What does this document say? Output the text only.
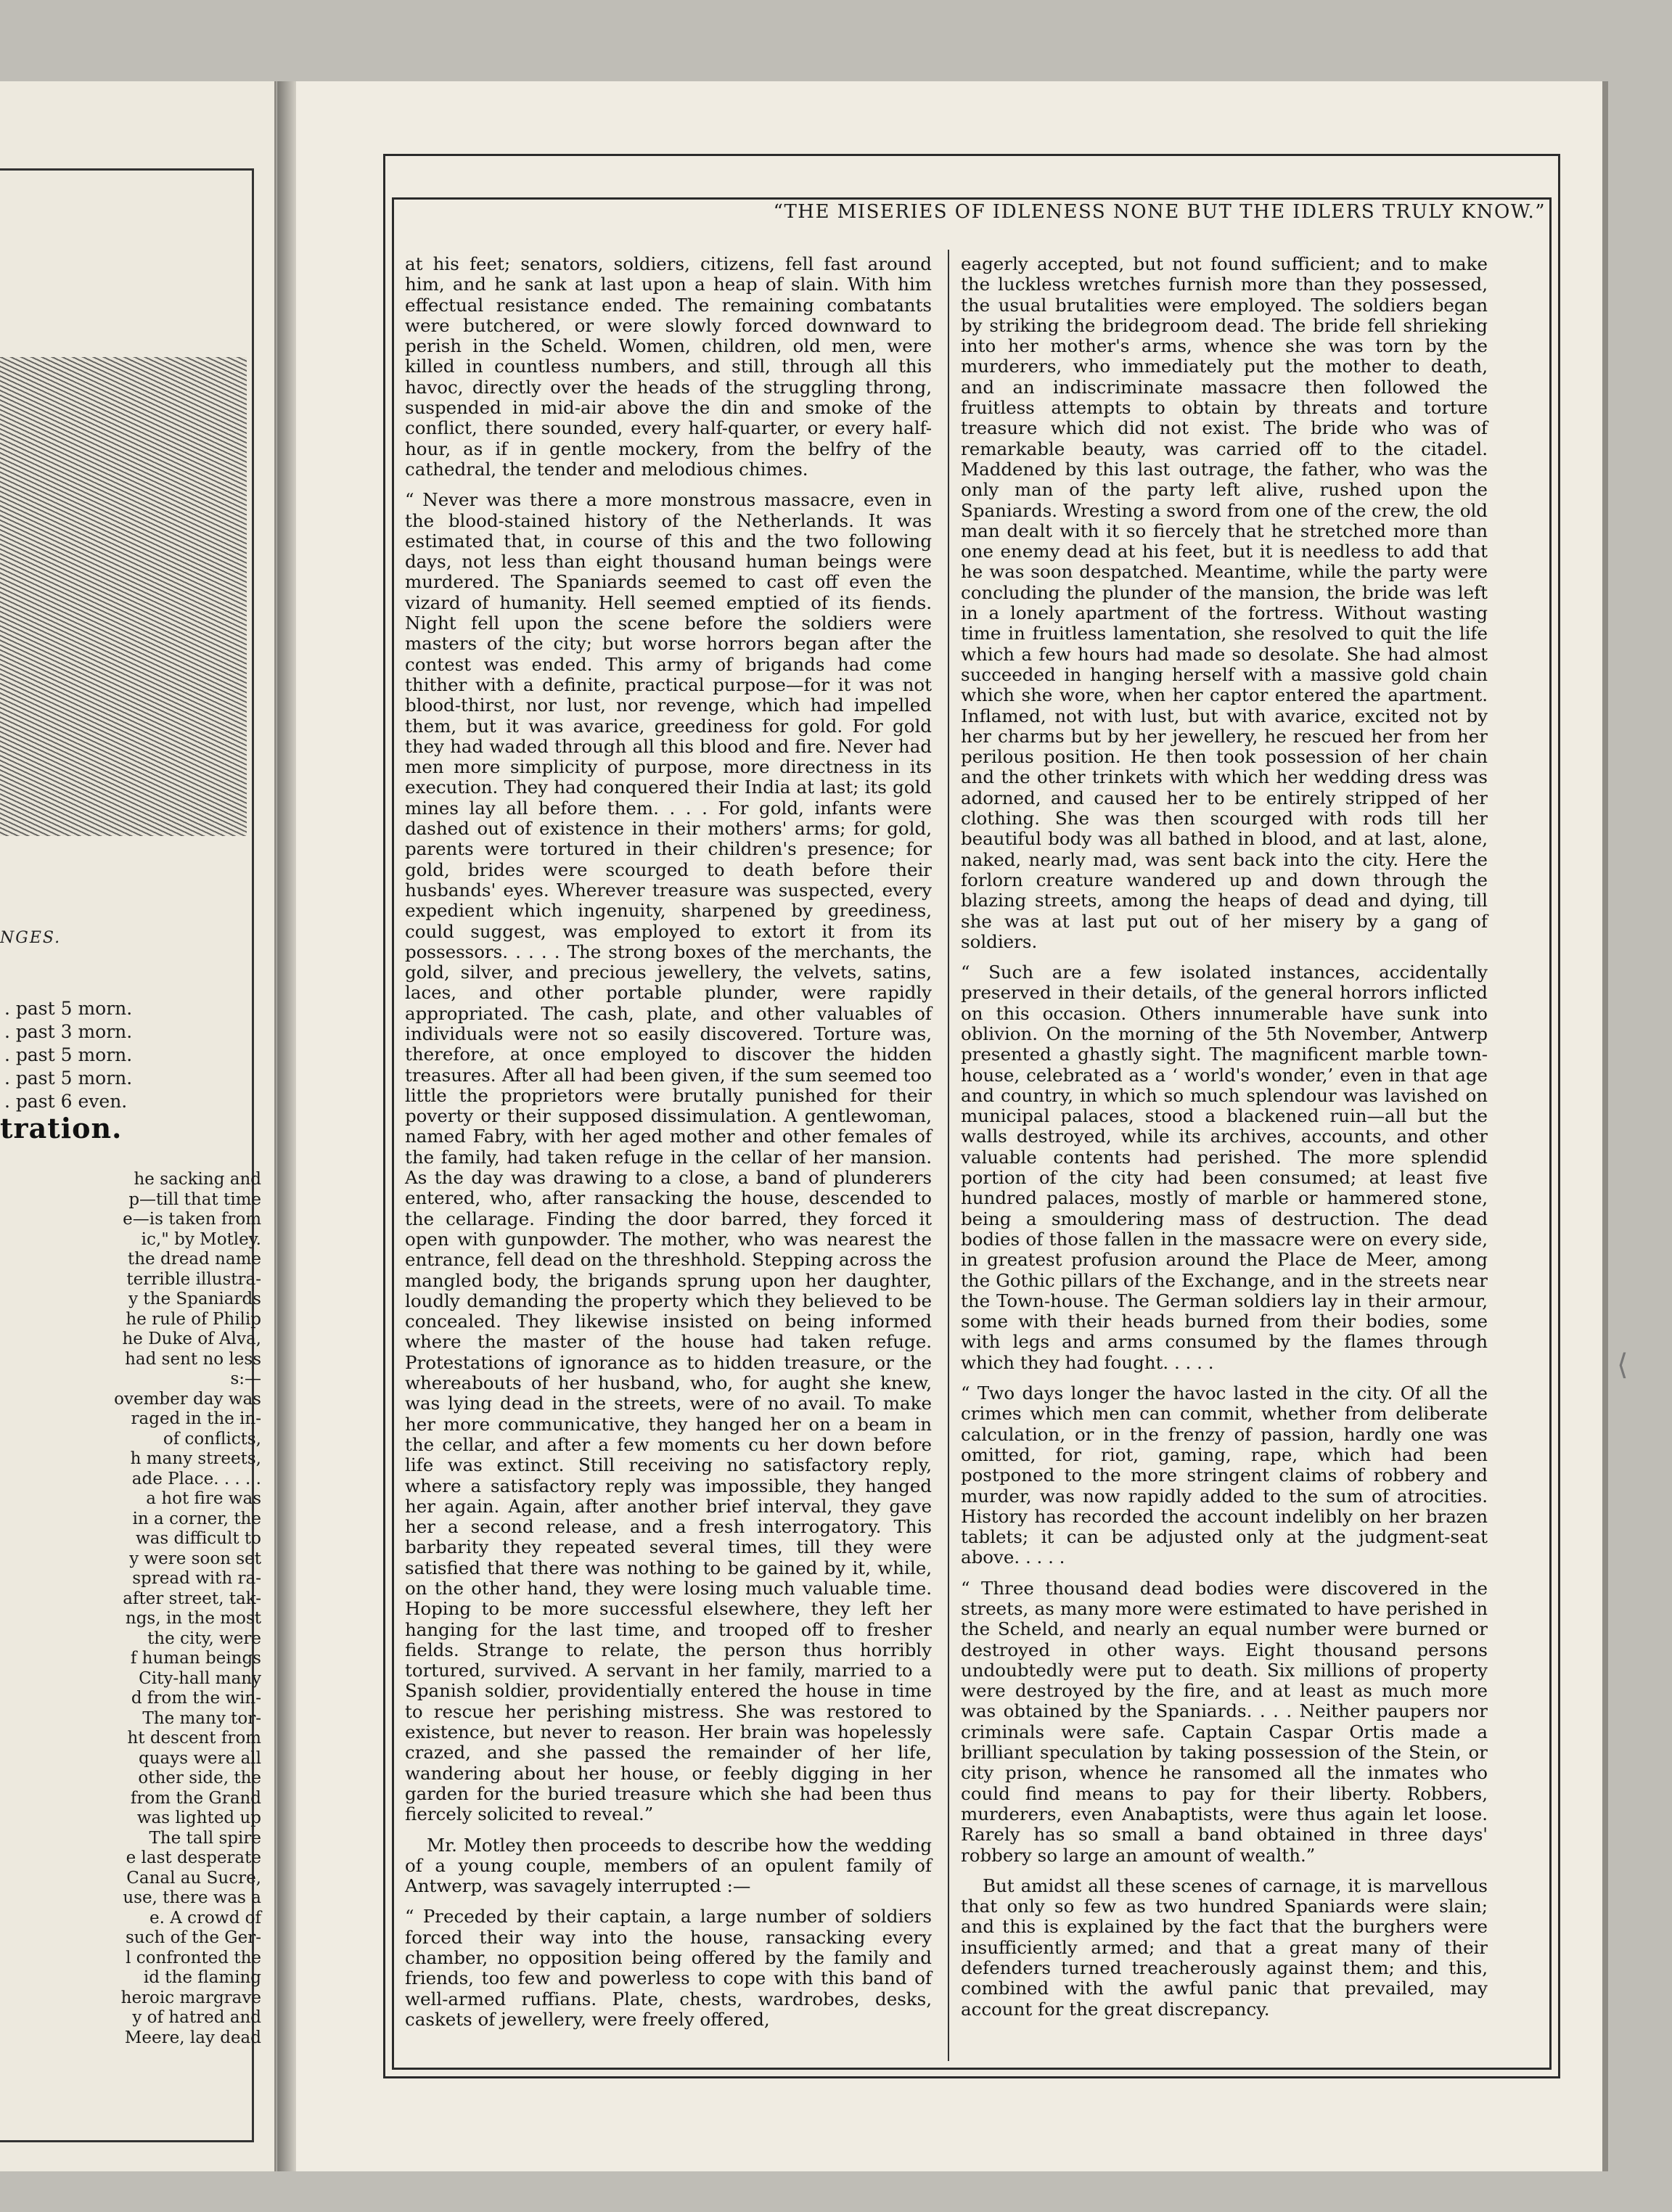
NGES.
. past 5 morn.
. past 3 morn.
. past 5 morn.
. past 5 morn.
. past 6 even.
tration.
he sacking and
p—till that time
e—is taken from
ic," by Motley.
the dread name
terrible illustra-
y the Spaniards
he rule of Philip
he Duke of Alva,
had sent no less
s:—
ovember day was
raged in the in-
of conflicts,
h many streets,
ade Place. . . . .
a hot fire was
in a corner, the
was difficult to
y were soon set
spread with ra-
after street, tak-
ngs, in the most
the city, were
f human beings
City-hall many
d from the win-
The many tor-
ht descent from
quays were all
other side, the
from the Grand
was lighted up
The tall spire
e last desperate
Canal au Sucre,
use, there was a
e. A crowd of
such of the Ger-
l confronted the
id the flaming
heroic margrave
y of hatred and
Meere, lay dead
“THE MISERIES OF IDLENESS NONE BUT THE IDLERS TRULY KNOW.”

at his feet; senators, soldiers, citizens, fell fast around him, and he sank at last upon a heap of slain. With him effectual resistance ended. The remaining combatants were butchered, or were slowly forced downward to perish in the Scheld. Women, children, old men, were killed in countless numbers, and still, through all this havoc, directly over the heads of the struggling throng, suspended in mid-air above the din and smoke of the conflict, there sounded, every half-quarter, or every half-hour, as if in gentle mockery, from the belfry of the cathedral, the tender and melodious chimes.

“ Never was there a more monstrous massacre, even in the blood-stained history of the Netherlands. It was estimated that, in course of this and the two following days, not less than eight thousand human beings were murdered. The Spaniards seemed to cast off even the vizard of humanity. Hell seemed emptied of its fiends. Night fell upon the scene before the soldiers were masters of the city; but worse horrors began after the contest was ended. This army of brigands had come thither with a definite, practical purpose—for it was not blood-thirst, nor lust, nor revenge, which had impelled them, but it was avarice, greediness for gold. For gold they had waded through all this blood and fire. Never had men more simplicity of purpose, more directness in its execution. They had conquered their India at last; its gold mines lay all before them. . . . For gold, infants were dashed out of existence in their mothers' arms; for gold, parents were tortured in their children's presence; for gold, brides were scourged to death before their husbands' eyes. Wherever treasure was suspected, every expedient which ingenuity, sharpened by greediness, could suggest, was employed to extort it from its possessors. . . . . The strong boxes of the merchants, the gold, silver, and precious jewellery, the velvets, satins, laces, and other portable plunder, were rapidly appropriated. The cash, plate, and other valuables of individuals were not so easily discovered. Torture was, therefore, at once employed to discover the hidden treasures. After all had been given, if the sum seemed too little the proprietors were brutally punished for their poverty or their supposed dissimulation. A gentlewoman, named Fabry, with her aged mother and other females of the family, had taken refuge in the cellar of her mansion. As the day was drawing to a close, a band of plunderers entered, who, after ransacking the house, descended to the cellarage. Finding the door barred, they forced it open with gunpowder. The mother, who was nearest the entrance, fell dead on the threshhold. Stepping across the mangled body, the brigands sprung upon her daughter, loudly demanding the property which they believed to be concealed. They likewise insisted on being informed where the master of the house had taken refuge. Protestations of ignorance as to hidden treasure, or the whereabouts of her husband, who, for aught she knew, was lying dead in the streets, were of no avail. To make her more communicative, they hanged her on a beam in the cellar, and after a few moments cu her down before life was extinct. Still receiving no satisfactory reply, where a satisfactory reply was impossible, they hanged her again. Again, after another brief interval, they gave her a second release, and a fresh interrogatory. This barbarity they repeated several times, till they were satisfied that there was nothing to be gained by it, while, on the other hand, they were losing much valuable time. Hoping to be more successful elsewhere, they left her hanging for the last time, and trooped off to fresher fields. Strange to relate, the person thus horribly tortured, survived. A servant in her family, married to a Spanish soldier, providentially entered the house in time to rescue her perishing mistress. She was restored to existence, but never to reason. Her brain was hopelessly crazed, and she passed the remainder of her life, wandering about her house, or feebly digging in her garden for the buried treasure which she had been thus fiercely solicited to reveal.”

Mr. Motley then proceeds to describe how the wedding of a young couple, members of an opulent family of Antwerp, was savagely interrupted :—

“ Preceded by their captain, a large number of soldiers forced their way into the house, ransacking every chamber, no opposition being offered by the family and friends, too few and powerless to cope with this band of well-armed ruffians. Plate, chests, wardrobes, desks, caskets of jewellery, were freely offered,

eagerly accepted, but not found sufficient; and to make the luckless wretches furnish more than they possessed, the usual brutalities were employed. The soldiers began by striking the bridegroom dead. The bride fell shrieking into her mother's arms, whence she was torn by the murderers, who immediately put the mother to death, and an indiscriminate massacre then followed the fruitless attempts to obtain by threats and torture treasure which did not exist. The bride who was of remarkable beauty, was carried off to the citadel. Maddened by this last outrage, the father, who was the only man of the party left alive, rushed upon the Spaniards. Wresting a sword from one of the crew, the old man dealt with it so fiercely that he stretched more than one enemy dead at his feet, but it is needless to add that he was soon despatched. Meantime, while the party were concluding the plunder of the mansion, the bride was left in a lonely apartment of the fortress. Without wasting time in fruitless lamentation, she resolved to quit the life which a few hours had made so desolate. She had almost succeeded in hanging herself with a massive gold chain which she wore, when her captor entered the apartment. Inflamed, not with lust, but with avarice, excited not by her charms but by her jewellery, he rescued her from her perilous position. He then took possession of her chain and the other trinkets with which her wedding dress was adorned, and caused her to be entirely stripped of her clothing. She was then scourged with rods till her beautiful body was all bathed in blood, and at last, alone, naked, nearly mad, was sent back into the city. Here the forlorn creature wandered up and down through the blazing streets, among the heaps of dead and dying, till she was at last put out of her misery by a gang of soldiers.

“ Such are a few isolated instances, accidentally preserved in their details, of the general horrors inflicted on this occasion. Others innumerable have sunk into oblivion. On the morning of the 5th November, Antwerp presented a ghastly sight. The magnificent marble town-house, celebrated as a ‘ world's wonder,’ even in that age and country, in which so much splendour was lavished on municipal palaces, stood a blackened ruin—all but the walls destroyed, while its archives, accounts, and other valuable contents had perished. The more splendid portion of the city had been consumed; at least five hundred palaces, mostly of marble or hammered stone, being a smouldering mass of destruction. The dead bodies of those fallen in the massacre were on every side, in greatest profusion around the Place de Meer, among the Gothic pillars of the Exchange, and in the streets near the Town-house. The German soldiers lay in their armour, some with their heads burned from their bodies, some with legs and arms consumed by the flames through which they had fought. . . . .

“ Two days longer the havoc lasted in the city. Of all the crimes which men can commit, whether from deliberate calculation, or in the frenzy of passion, hardly one was omitted, for riot, gaming, rape, which had been postponed to the more stringent claims of robbery and murder, was now rapidly added to the sum of atrocities. History has recorded the account indelibly on her brazen tablets; it can be adjusted only at the judgment-seat above. . . . .

“ Three thousand dead bodies were discovered in the streets, as many more were estimated to have perished in the Scheld, and nearly an equal number were burned or destroyed in other ways. Eight thousand persons undoubtedly were put to death. Six millions of property were destroyed by the fire, and at least as much more was obtained by the Spaniards. . . . Neither paupers nor criminals were safe. Captain Caspar Ortis made a brilliant speculation by taking possession of the Stein, or city prison, whence he ransomed all the inmates who could find means to pay for their liberty. Robbers, murderers, even Anabaptists, were thus again let loose. Rarely has so small a band obtained in three days' robbery so large an amount of wealth.”

But amidst all these scenes of carnage, it is marvellous that only so few as two hundred Spaniards were slain; and this is explained by the fact that the burghers were insufficiently armed; and that a great many of their defenders turned treacherously against them; and this, combined with the awful panic that prevailed, may account for the great discrepancy.

⟨
